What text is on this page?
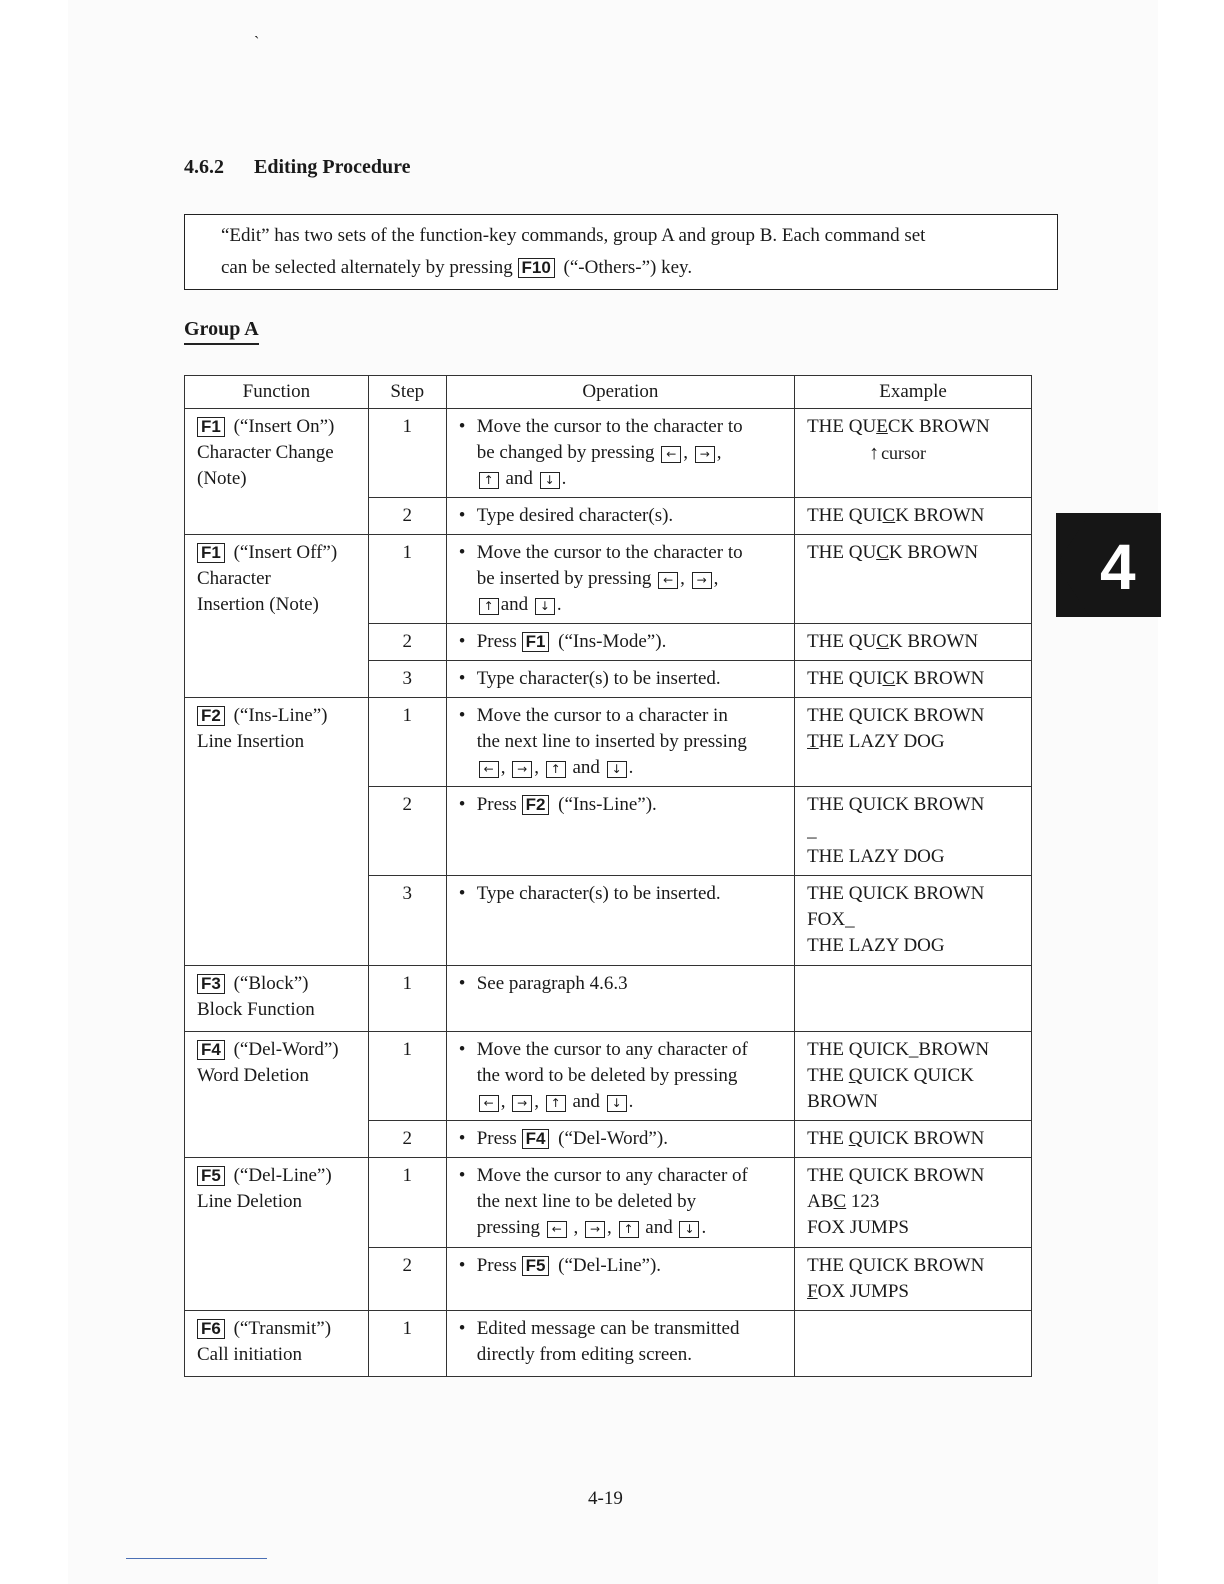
ˋ
4.6.2 Editing Procedure
“Edit” has two sets of the function-key commands, group A and group B. Each command set
can be selected alternately by pressing F10 (“-Others-”) key.
Group A
Function	Step	Operation	Example
F1 (“Insert On”)
Character Change
(Note)	1	• Move the cursor to the character to
be changed by pressing ← , → ,
↑ and ↓ .	THE QUECK BROWN

↑ cursor

	2	• Type desired character(s).	THE QUICK BROWN
F1 (“Insert Off”)
Character
Insertion (Note)	1	• Move the cursor to the character to
be inserted by pressing ← , → ,
↑ and ↓ .	THE QUCK BROWN
	2	• Press F1 (“Ins-Mode”).	THE QUCK BROWN
	3	• Type character(s) to be inserted.	THE QUICK BROWN
F2 (“Ins-Line”)
Line Insertion	1	• Move the cursor to a character in
the next line to inserted by pressing
← , → , ↑ and ↓ .	THE QUICK BROWN
THE LAZY DOG
	2	• Press F2 (“Ins-Line”).	THE QUICK BROWN
_
THE LAZY DOG
	3	• Type character(s) to be inserted.	THE QUICK BROWN
FOX_
THE LAZY DOG
F3 (“Block”)
Block Function	1	• See paragraph 4.6.3	

F4 (“Del-Word”)
Word Deletion	1	• Move the cursor to any character of
the word to be deleted by pressing
← , → , ↑ and ↓ .	THE QUICK_BROWN
THE QUICK QUICK
BROWN
	2	• Press F4 (“Del-Word”).	THE QUICK BROWN
F5 (“Del-Line”)
Line Deletion	1	• Move the cursor to any character of
the next line to be deleted by
pressing ← , → , ↑ and ↓ .	THE QUICK BROWN
ABC 123
FOX JUMPS
	2	• Press F5 (“Del-Line”).	THE QUICK BROWN
FOX JUMPS
F6 (“Transmit”)
Call initiation	1	• Edited message can be transmitted
directly from editing screen.	

4
4-19
